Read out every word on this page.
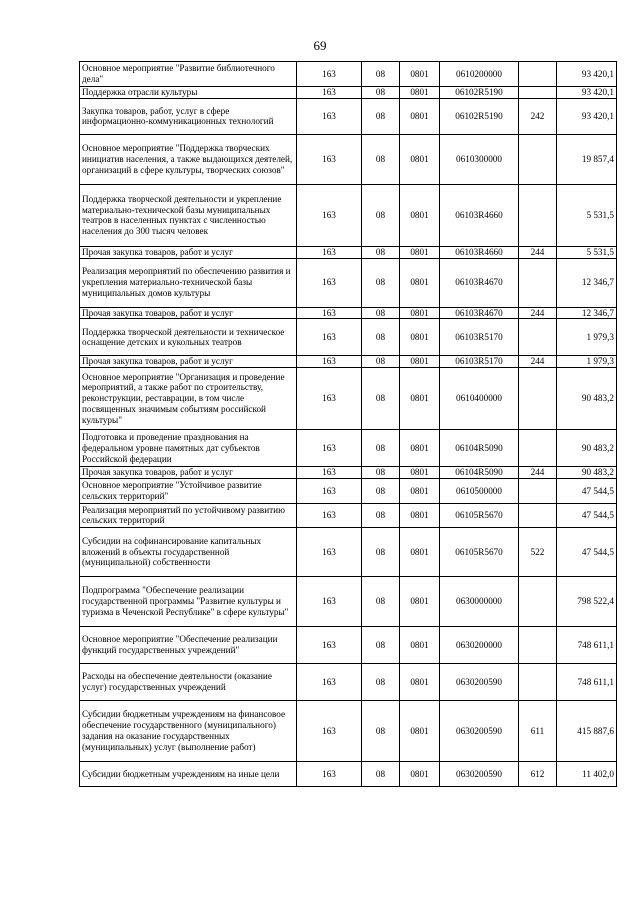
69
Основное мероприятие "Развитие библиотечного дела"	163	08	0801	0610200000		93 420,1
Поддержка отрасли культуры	163	08	0801	06102R5190		93 420,1
Закупка товаров, работ, услуг в сфере информационно-коммуникационных технологий	163	08	0801	06102R5190	242	93 420,1
Основное мероприятие "Поддержка творческих инициатив населения, а также выдающихся деятелей, организаций в сфере культуры, творческих союзов"	163	08	0801	0610300000		19 857,4
Поддержка творческой деятельности и укрепление материально-технической базы муниципальных театров в населенных пунктах с численностью населения до 300 тысяч человек	163	08	0801	06103R4660		5 531,5
Прочая закупка товаров, работ и услуг	163	08	0801	06103R4660	244	5 531,5
Реализация мероприятий по обеспечению развития и укрепления материально-технической базы муниципальных домов культуры	163	08	0801	06103R4670		12 346,7
Прочая закупка товаров, работ и услуг	163	08	0801	06103R4670	244	12 346,7
Поддержка творческой деятельности и техническое оснащение детских и кукольных театров	163	08	0801	06103R5170		1 979,3
Прочая закупка товаров, работ и услуг	163	08	0801	06103R5170	244	1 979,3
Основное мероприятие "Организация и проведение мероприятий, а также работ по строительству, реконструкции, реставрации, в том числе посвященных значимым событиям российской культуры"	163	08	0801	0610400000		90 483,2
Подготовка и проведение празднования на федеральном уровне памятных дат субъектов Российской федерации	163	08	0801	06104R5090		90 483,2
Прочая закупка товаров, работ и услуг	163	08	0801	06104R5090	244	90 483,2
Основное мероприятие "Устойчивое развитие сельских территорий"	163	08	0801	0610500000		47 544,5
Реализация мероприятий по устойчивому развитию сельских территорий	163	08	0801	06105R5670		47 544,5
Субсидии на софинансирование капитальных вложений в объекты государственной (муниципальной) собственности	163	08	0801	06105R5670	522	47 544,5
Подпрограмма "Обеспечение реализации государственной программы "Развитие культуры и туризма в Чеченской Республике" в сфере культуры"	163	08	0801	0630000000		798 522,4
Основное мероприятие "Обеспечение реализации функций государственных учреждений"	163	08	0801	0630200000		748 611,1
Расходы на обеспечение деятельности (оказание услуг) государственных учреждений	163	08	0801	0630200590		748 611,1
Субсидии бюджетным учреждениям на финансовое обеспечение государственного (муниципального) задания на оказание государственных (муниципальных) услуг (выполнение работ)	163	08	0801	0630200590	611	415 887,6
Субсидии бюджетным учреждениям на иные цели	163	08	0801	0630200590	612	11 402,0
